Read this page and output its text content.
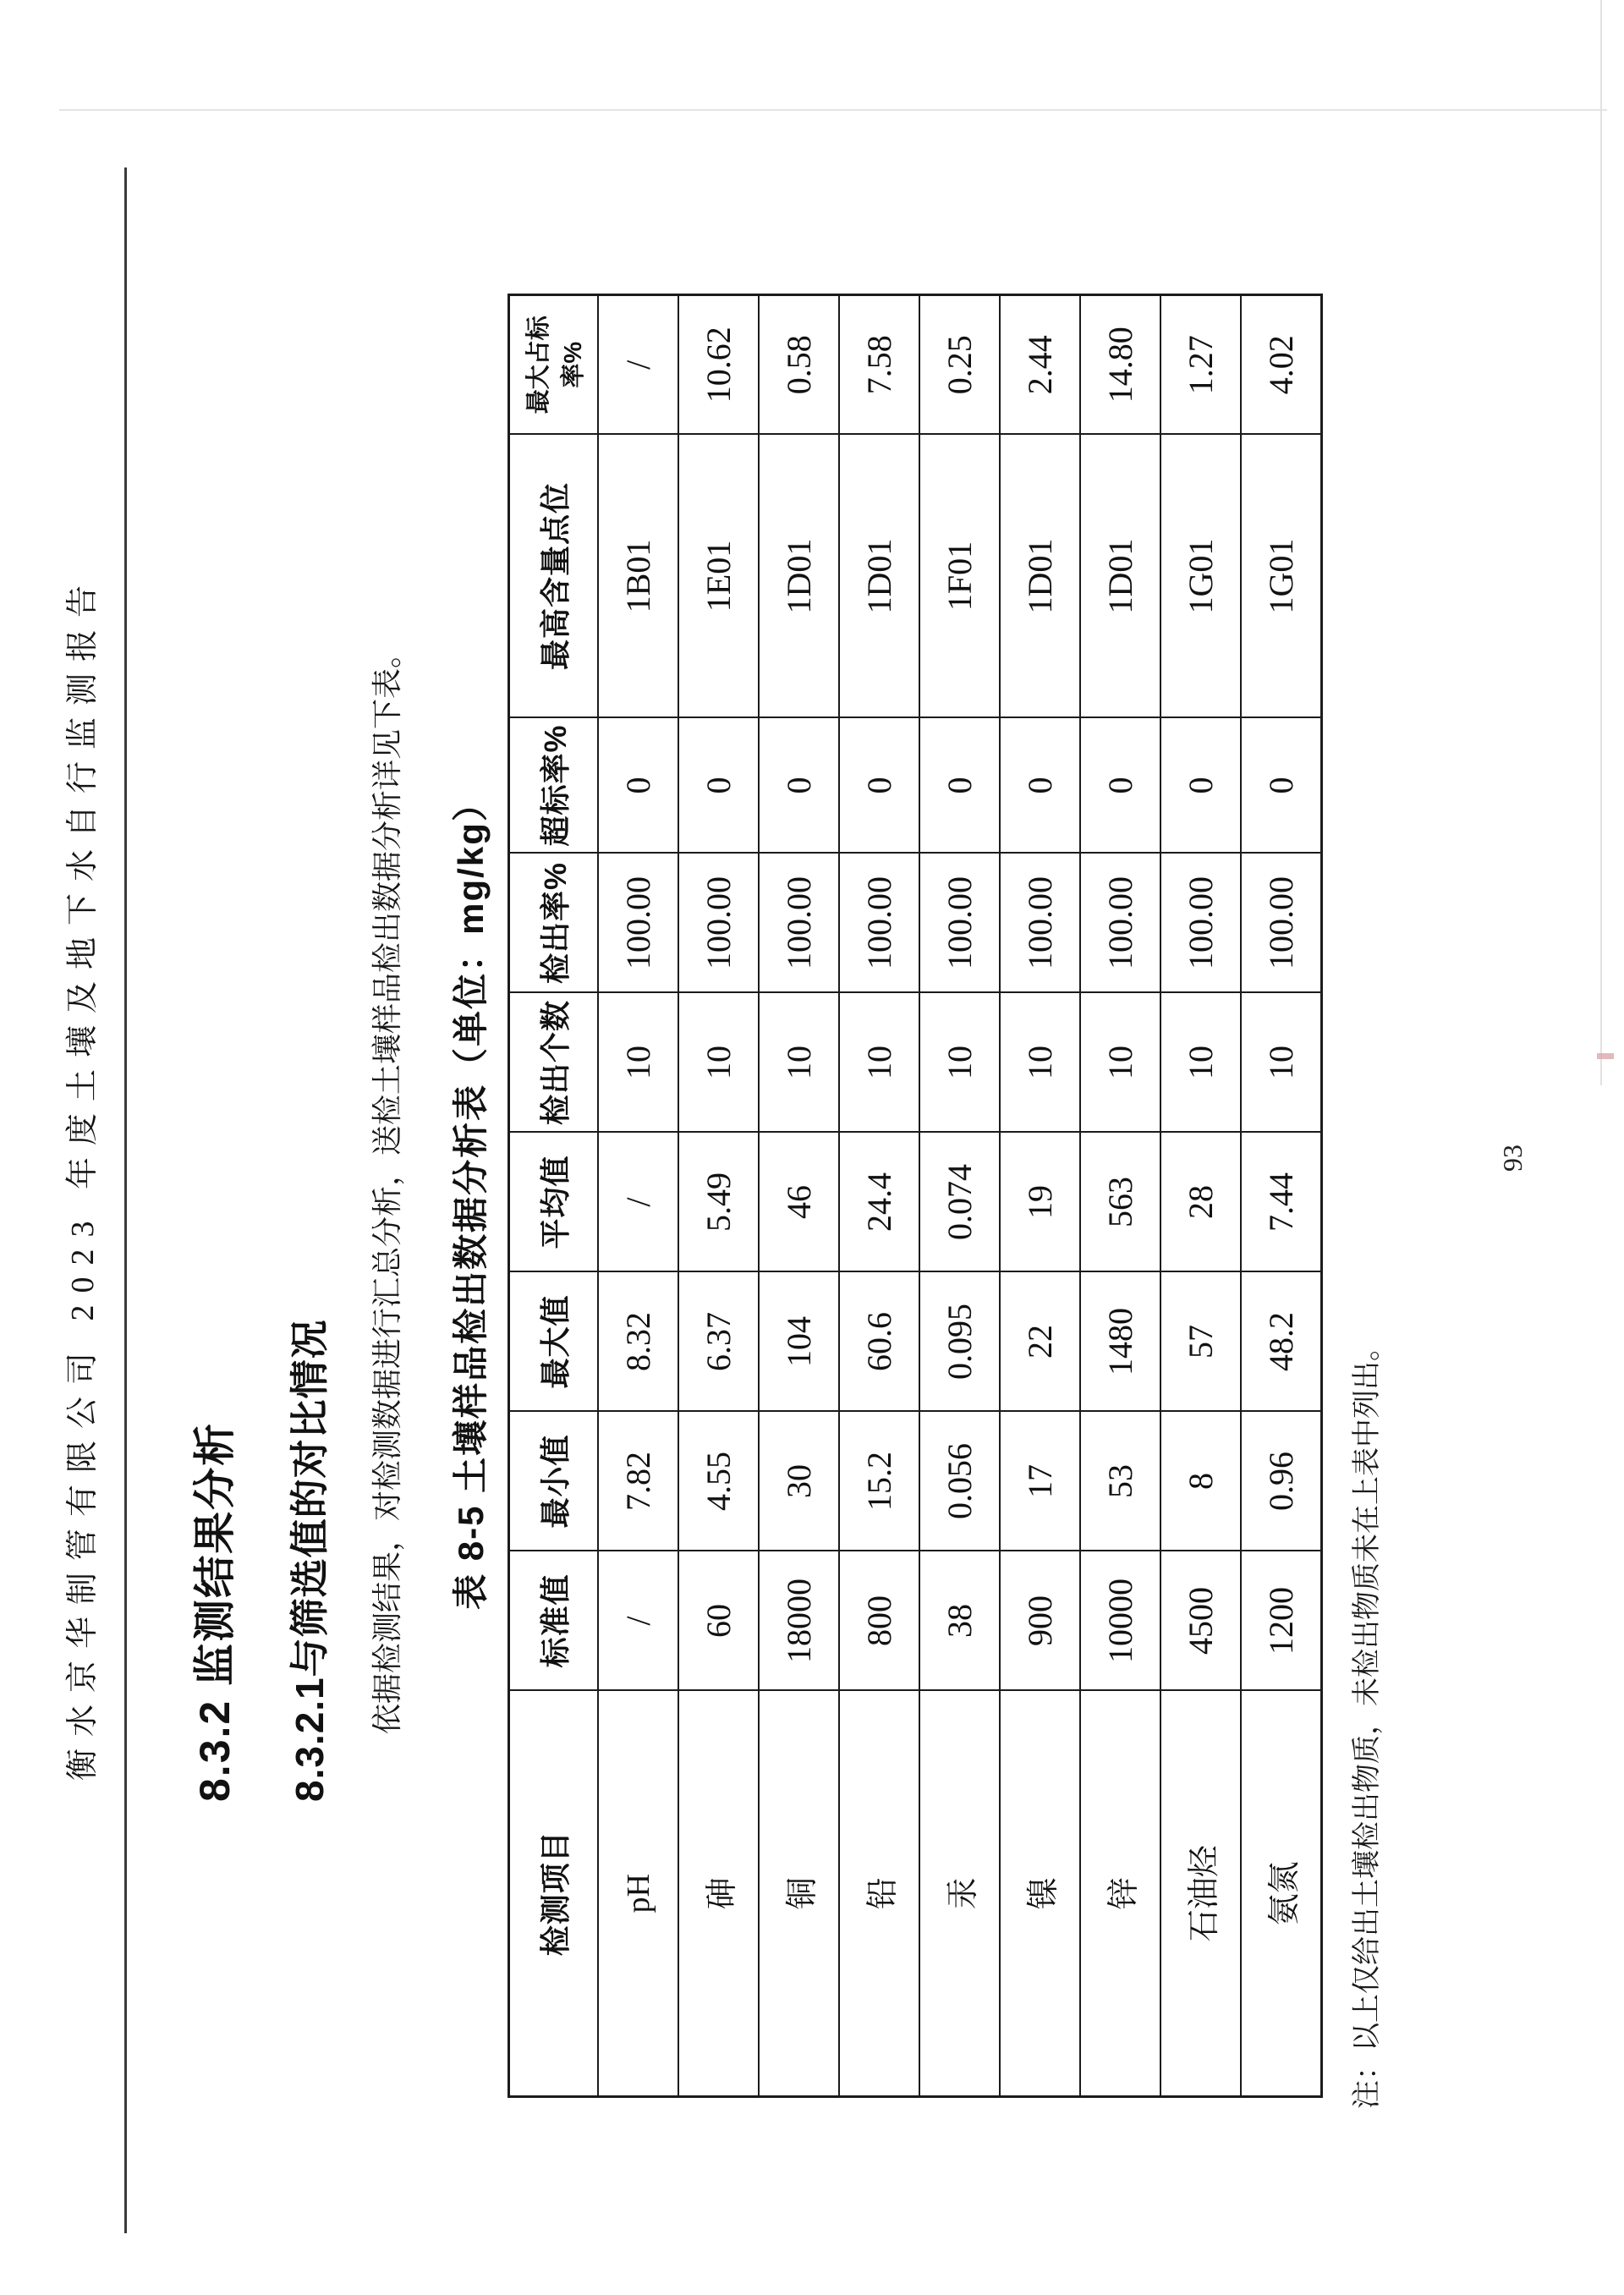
衡水京华制管有限公司 2023 年度土壤及地下水自行监测报告 8.3.2 监测结果分析 8.3.2.1与筛选值的对比情况 依据检测结果，对检测数据进行汇总分析，送检土壤样品检出数据分析详见下表。 表 8-5 土壤样品检出数据分析表（单位：mg/kg）
检测项目	标准值	最小值	最大值	平均值	检出个数	检出率%	超标率%	最高含量点位	最大占标率%
pH	/	7.82	8.32	/	10	100.00	0	1B01	/
砷	60	4.55	6.37	5.49	10	100.00	0	1E01	10.62
铜	18000	30	104	46	10	100.00	0	1D01	0.58
铅	800	15.2	60.6	24.4	10	100.00	0	1D01	7.58
汞	38	0.056	0.095	0.074	10	100.00	0	1F01	0.25
镍	900	17	22	19	10	100.00	0	1D01	2.44
锌	10000	53	1480	563	10	100.00	0	1D01	14.80
石油烃	4500	8	57	28	10	100.00	0	1G01	1.27
氨氮	1200	0.96	48.2	7.44	10	100.00	0	1G01	4.02
注：以上仅给出土壤检出物质，未检出物质未在上表中列出。
93
